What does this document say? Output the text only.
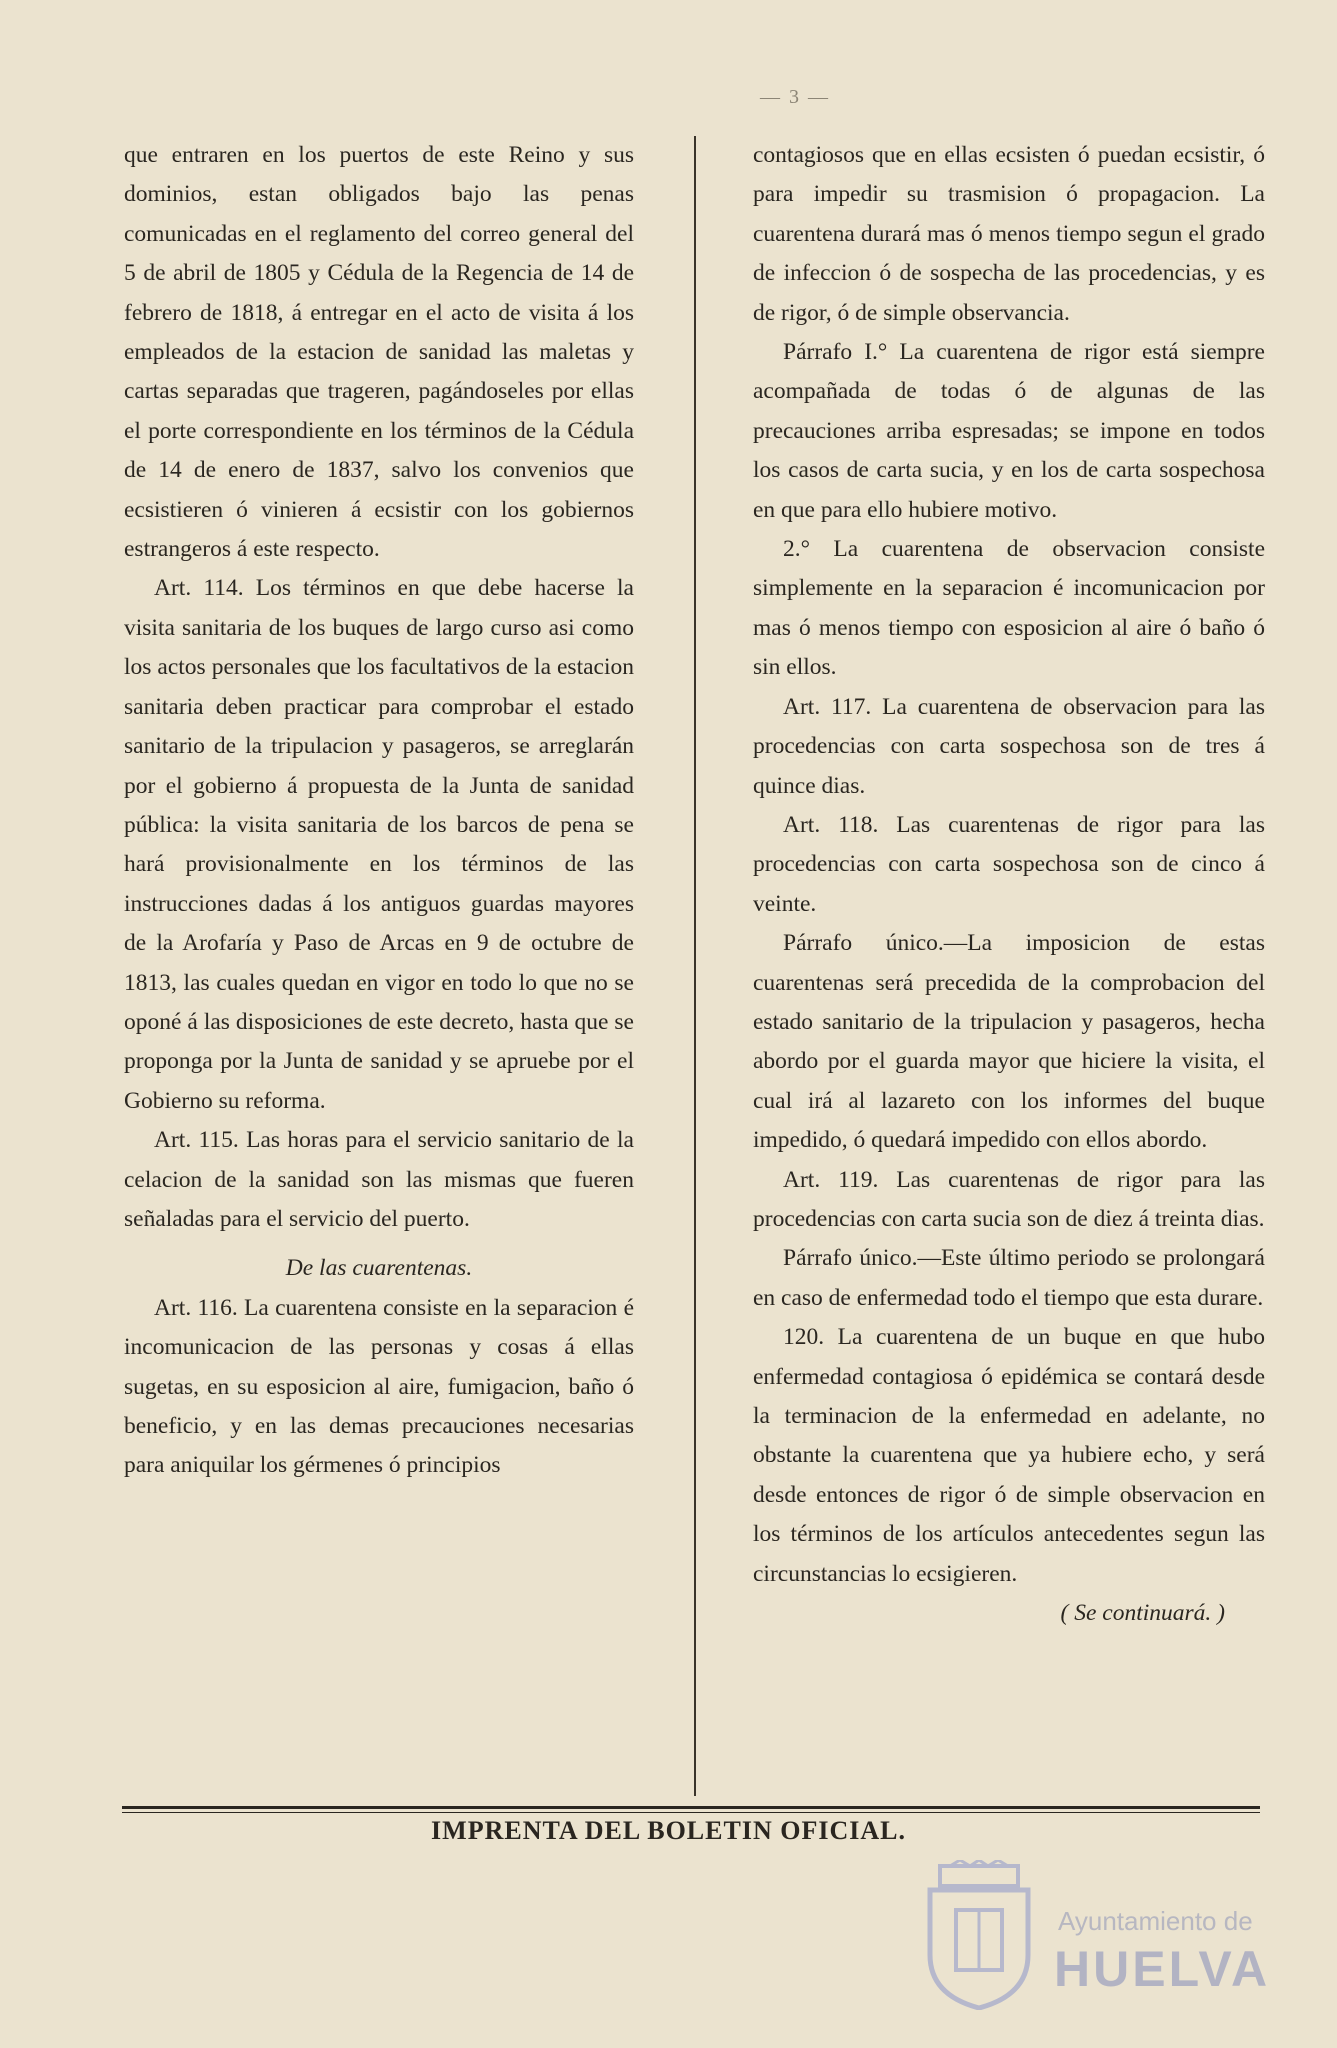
— 3 —

que entraren en los puertos de este Reino y sus dominios, estan obligados bajo las penas comunicadas en el reglamento del correo general del 5 de abril de 1805 y Cédula de la Regencia de 14 de febrero de 1818, á entregar en el acto de visita á los empleados de la estacion de sanidad las maletas y cartas separadas que trageren, pagándoseles por ellas el porte correspondiente en los términos de la Cédula de 14 de enero de 1837, salvo los convenios que ecsistieren ó vinieren á ecsistir con los gobiernos estrangeros á este respecto.

Art. 114. Los términos en que debe hacerse la visita sanitaria de los buques de largo curso asi como los actos personales que los facultativos de la estacion sanitaria deben practicar para comprobar el estado sanitario de la tripulacion y pasageros, se arreglarán por el gobierno á propuesta de la Junta de sanidad pública: la visita sanitaria de los barcos de pena se hará provisionalmente en los términos de las instrucciones dadas á los antiguos guardas mayores de la Arofaría y Paso de Arcas en 9 de octubre de 1813, las cuales quedan en vigor en todo lo que no se oponé á las disposiciones de este decreto, hasta que se proponga por la Junta de sanidad y se apruebe por el Gobierno su reforma.

Art. 115. Las horas para el servicio sanitario de la celacion de la sanidad son las mismas que fueren señaladas para el servicio del puerto.

De las cuarentenas.

Art. 116. La cuarentena consiste en la separacion é incomunicacion de las personas y cosas á ellas sugetas, en su esposicion al aire, fumigacion, baño ó beneficio, y en las demas precauciones necesarias para aniquilar los gérmenes ó principios

contagiosos que en ellas ecsisten ó puedan ecsistir, ó para impedir su trasmision ó propagacion. La cuarentena durará mas ó menos tiempo segun el grado de infeccion ó de sospecha de las procedencias, y es de rigor, ó de simple observancia.

Párrafo I.° La cuarentena de rigor está siempre acompañada de todas ó de algunas de las precauciones arriba espresadas; se impone en todos los casos de carta sucia, y en los de carta sospechosa en que para ello hubiere motivo.

2.° La cuarentena de observacion consiste simplemente en la separacion é incomunicacion por mas ó menos tiempo con esposicion al aire ó baño ó sin ellos.

Art. 117. La cuarentena de observacion para las procedencias con carta sospechosa son de tres á quince dias.

Art. 118. Las cuarentenas de rigor para las procedencias con carta sospechosa son de cinco á veinte.

Párrafo único.—La imposicion de estas cuarentenas será precedida de la comprobacion del estado sanitario de la tripulacion y pasageros, hecha abordo por el guarda mayor que hiciere la visita, el cual irá al lazareto con los informes del buque impedido, ó quedará impedido con ellos abordo.

Art. 119. Las cuarentenas de rigor para las procedencias con carta sucia son de diez á treinta dias.

Párrafo único.—Este último periodo se prolongará en caso de enfermedad todo el tiempo que esta durare.

120. La cuarentena de un buque en que hubo enfermedad contagiosa ó epidémica se contará desde la terminacion de la enfermedad en adelante, no obstante la cuarentena que ya hubiere echo, y será desde entonces de rigor ó de simple observacion en los términos de los artículos antecedentes segun las circunstancias lo ecsigieren.

( Se continuará. )

IMPRENTA DEL BOLETIN OFICIAL.
Ayuntamiento de
HUELVA
